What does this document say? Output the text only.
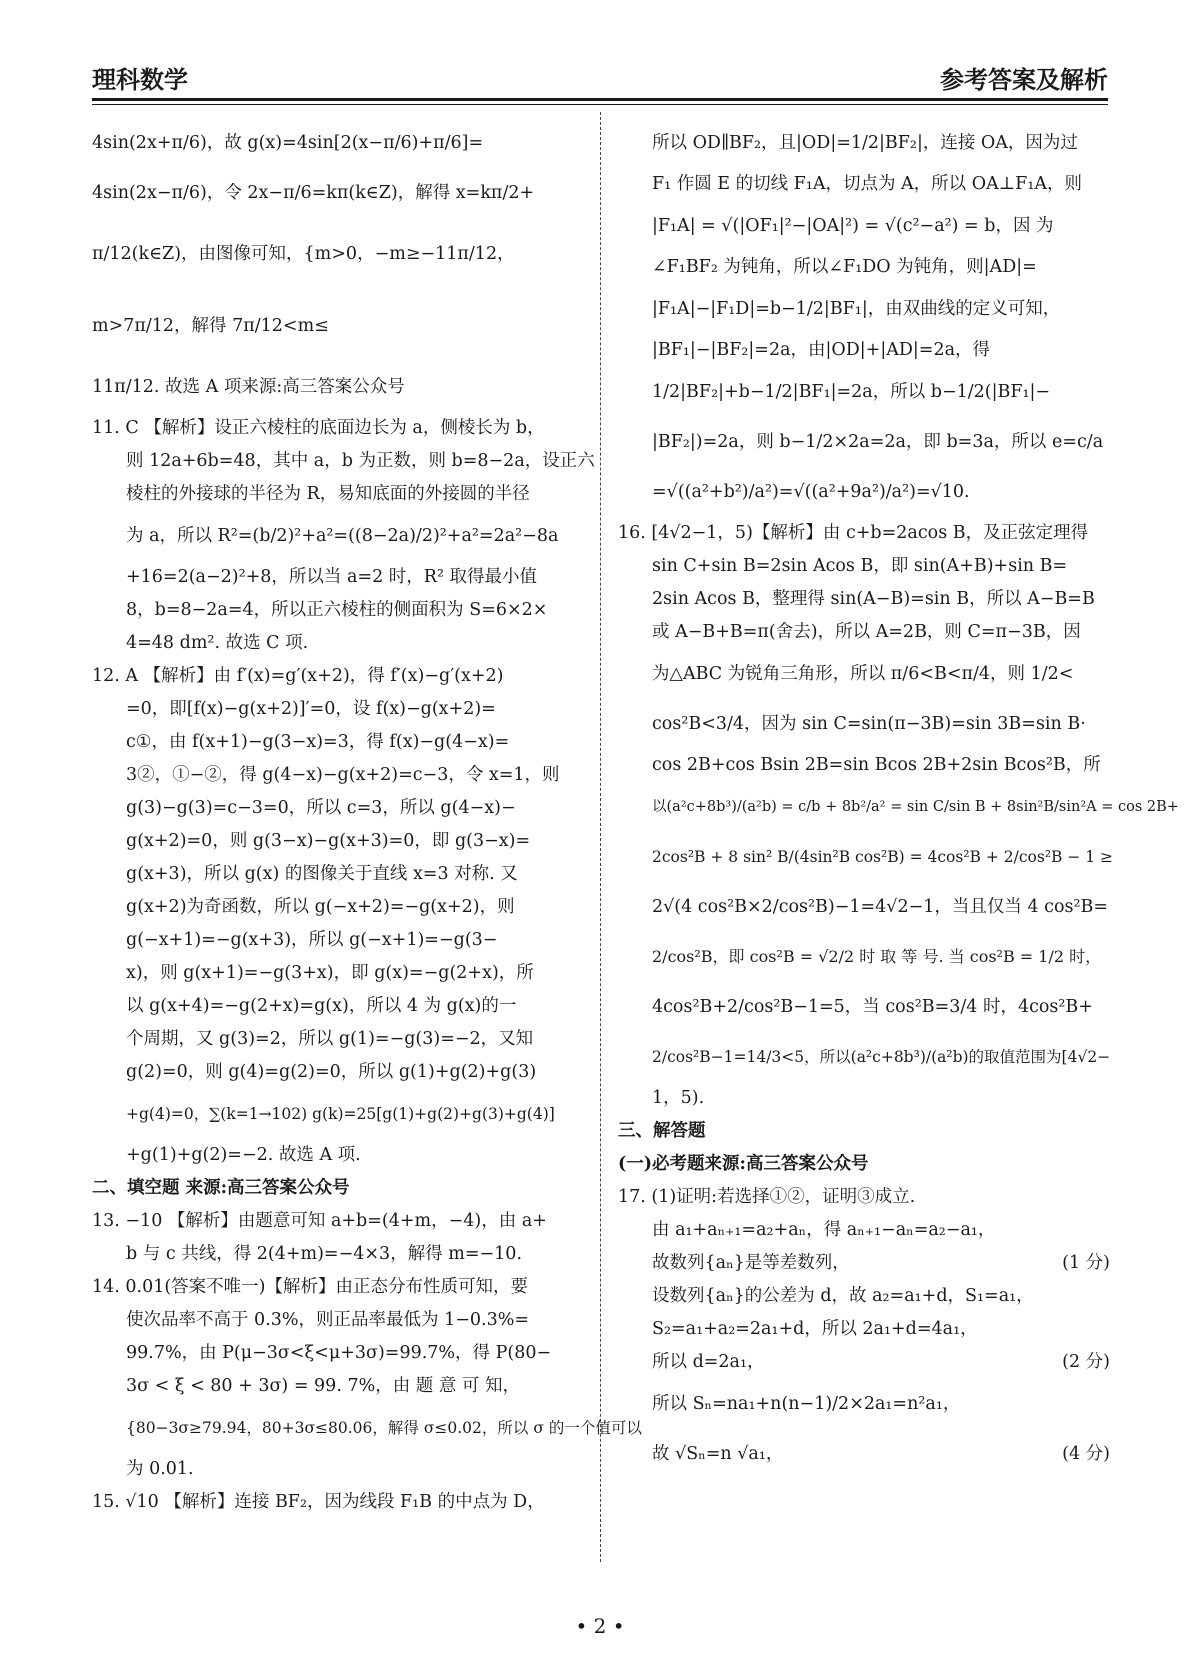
理科数学	参考答案及解析
4sin(2x+π/6)，故 g(x)=4sin[2(x−π/6)+π/6]=
4sin(2x−π/6)，令 2x−π/6=kπ(k∈Z)，解得 x=kπ/2+
π/12(k∈Z)，由图像可知，{m>0，−m≥−11π/12，m>7π/12，解得 7π/12<m≤
11π/12. 故选 A 项来源:高三答案公众号
11. C 【解析】设正六棱柱的底面边长为 a，侧棱长为 b，
则 12a+6b=48，其中 a，b 为正数，则 b=8−2a，设正六
棱柱的外接球的半径为 R，易知底面的外接圆的半径
为 a，所以 R²=(b/2)²+a²=((8−2a)/2)²+a²=2a²−8a
+16=2(a−2)²+8，所以当 a=2 时，R² 取得最小值
8，b=8−2a=4，所以正六棱柱的侧面积为 S=6×2×
4=48 dm². 故选 C 项.
12. A 【解析】由 f′(x)=g′(x+2)，得 f′(x)−g′(x+2)
=0，即[f(x)−g(x+2)]′=0，设 f(x)−g(x+2)=
c①，由 f(x+1)−g(3−x)=3，得 f(x)−g(4−x)=
3②，①−②，得 g(4−x)−g(x+2)=c−3，令 x=1，则
g(3)−g(3)=c−3=0，所以 c=3，所以 g(4−x)−
g(x+2)=0，则 g(3−x)−g(x+3)=0，即 g(3−x)=
g(x+3)，所以 g(x) 的图像关于直线 x=3 对称. 又
g(x+2)为奇函数，所以 g(−x+2)=−g(x+2)，则
g(−x+1)=−g(x+3)，所以 g(−x+1)=−g(3−
x)，则 g(x+1)=−g(3+x)，即 g(x)=−g(2+x)，所
以 g(x+4)=−g(2+x)=g(x)，所以 4 为 g(x)的一
个周期，又 g(3)=2，所以 g(1)=−g(3)=−2，又知
g(2)=0，则 g(4)=g(2)=0，所以 g(1)+g(2)+g(3)
+g(4)=0，∑(k=1→102) g(k)=25[g(1)+g(2)+g(3)+g(4)]
+g(1)+g(2)=−2. 故选 A 项.
二、填空题 来源:高三答案公众号
13. −10 【解析】由题意可知 a+b=(4+m，−4)，由 a+
b 与 c 共线，得 2(4+m)=−4×3，解得 m=−10.
14. 0.01(答案不唯一)【解析】由正态分布性质可知，要
使次品率不高于 0.3%，则正品率最低为 1−0.3%=
99.7%，由 P(μ−3σ<ξ<μ+3σ)=99.7%，得 P(80−
3σ < ξ < 80 + 3σ) = 99. 7%，由 题 意 可 知，
{80−3σ≥79.94，80+3σ≤80.06，解得 σ≤0.02，所以 σ 的一个值可以
为 0.01.
15. √10 【解析】连接 BF₂，因为线段 F₁B 的中点为 D，
所以 OD∥BF₂，且|OD|=1/2|BF₂|，连接 OA，因为过
F₁ 作圆 E 的切线 F₁A，切点为 A，所以 OA⊥F₁A，则
|F₁A| = √(|OF₁|²−|OA|²) = √(c²−a²) = b，因 为
∠F₁BF₂ 为钝角，所以∠F₁DO 为钝角，则|AD|=
|F₁A|−|F₁D|=b−1/2|BF₁|，由双曲线的定义可知，
|BF₁|−|BF₂|=2a，由|OD|+|AD|=2a，得
1/2|BF₂|+b−1/2|BF₁|=2a，所以 b−1/2(|BF₁|−
|BF₂|)=2a，则 b−1/2×2a=2a，即 b=3a，所以 e=c/a
=√((a²+b²)/a²)=√((a²+9a²)/a²)=√10.
16. [4√2−1，5)【解析】由 c+b=2acos B，及正弦定理得
sin C+sin B=2sin Acos B，即 sin(A+B)+sin B=
2sin Acos B，整理得 sin(A−B)=sin B，所以 A−B=B
或 A−B+B=π(舍去)，所以 A=2B，则 C=π−3B，因
为△ABC 为锐角三角形，所以 π/6<B<π/4，则 1/2<
cos²B<3/4，因为 sin C=sin(π−3B)=sin 3B=sin B·
cos 2B+cos Bsin 2B=sin Bcos 2B+2sin Bcos²B，所
以(a²c+8b³)/(a²b) = c/b + 8b²/a² = sin C/sin B + 8sin²B/sin²A = cos 2B+
2cos²B + 8 sin² B/(4sin²B cos²B) = 4cos²B + 2/cos²B − 1 ≥
2√(4 cos²B×2/cos²B)−1=4√2−1，当且仅当 4 cos²B=
2/cos²B，即 cos²B = √2/2 时 取 等 号. 当 cos²B = 1/2 时，
4cos²B+2/cos²B−1=5，当 cos²B=3/4 时，4cos²B+
2/cos²B−1=14/3<5，所以(a²c+8b³)/(a²b)的取值范围为[4√2−
1，5).
三、解答题
(一)必考题来源:高三答案公众号
17. (1)证明:若选择①②，证明③成立.
由 a₁+aₙ₊₁=a₂+aₙ，得 aₙ₊₁−aₙ=a₂−a₁，
故数列{aₙ}是等差数列，	(1 分)
设数列{aₙ}的公差为 d，故 a₂=a₁+d，S₁=a₁，
S₂=a₁+a₂=2a₁+d，所以 2a₁+d=4a₁，
所以 d=2a₁，	(2 分)
所以 Sₙ=na₁+n(n−1)/2×2a₁=n²a₁，
故 √Sₙ=n √a₁，	(4 分)
• 2 •
